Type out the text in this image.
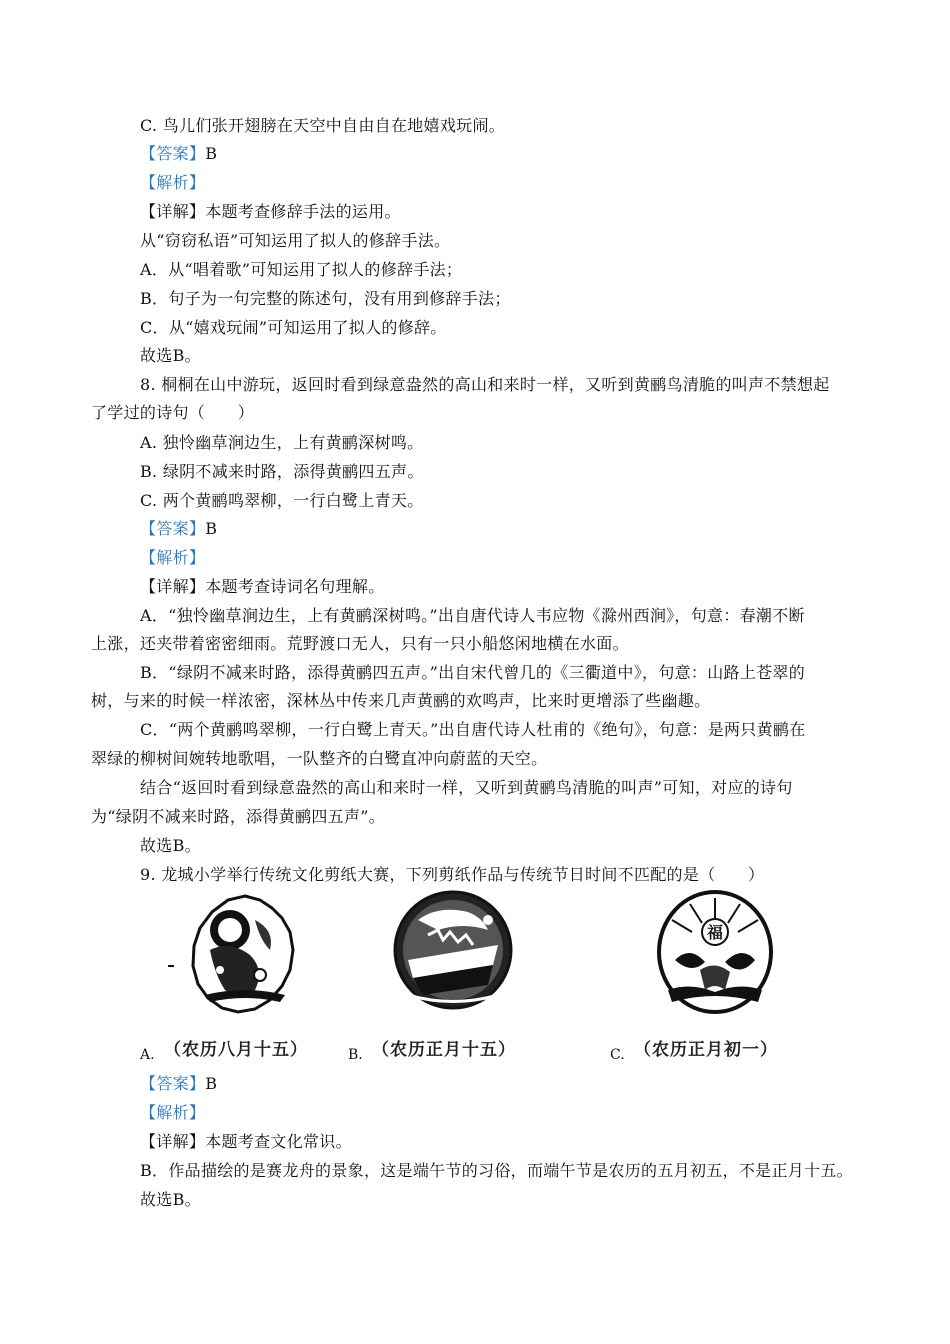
C. 鸟儿们张开翅膀在天空中自由自在地嬉戏玩闹。
【答案】B
【解析】
【详解】本题考查修辞手法的运用。
从“窃窃私语”可知运用了拟人的修辞手法。
A．从“唱着歌”可知运用了拟人的修辞手法；
B．句子为一句完整的陈述句，没有用到修辞手法；
C．从“嬉戏玩闹”可知运用了拟人的修辞。
故选B。
8. 桐桐在山中游玩，返回时看到绿意盎然的高山和来时一样，又听到黄鹂鸟清脆的叫声不禁想起
了学过的诗句（　　）
A. 独怜幽草涧边生，上有黄鹂深树鸣。
B. 绿阴不减来时路，添得黄鹂四五声。
C. 两个黄鹂鸣翠柳，一行白鹭上青天。
【答案】B
【解析】
【详解】本题考查诗词名句理解。
A．“独怜幽草涧边生，上有黄鹂深树鸣。”出自唐代诗人韦应物《滁州西涧》，句意：春潮不断
上涨，还夹带着密密细雨。荒野渡口无人，只有一只小船悠闲地横在水面。
B．“绿阴不减来时路，添得黄鹂四五声。”出自宋代曾几的《三衢道中》，句意：山路上苍翠的
树，与来的时候一样浓密，深林丛中传来几声黄鹂的欢鸣声，比来时更增添了些幽趣。
C．“两个黄鹂鸣翠柳，一行白鹭上青天。”出自唐代诗人杜甫的《绝句》，句意：是两只黄鹂在
翠绿的柳树间婉转地歌唱，一队整齐的白鹭直冲向蔚蓝的天空。
结合“返回时看到绿意盎然的高山和来时一样，又听到黄鹂鸟清脆的叫声”可知，对应的诗句
为“绿阴不减来时路，添得黄鹂四五声”。
故选B。
9. 龙城小学举行传统文化剪纸大赛，下列剪纸作品与传统节日时间不匹配的是（　　）
（农历八月十五）
A.	（农历正月十五）
B.
福
（农历正月初一）
C.
【答案】B
【解析】
【详解】本题考查文化常识。
B．作品描绘的是赛龙舟的景象，这是端午节的习俗，而端午节是农历的五月初五，不是正月十五。
故选B。
